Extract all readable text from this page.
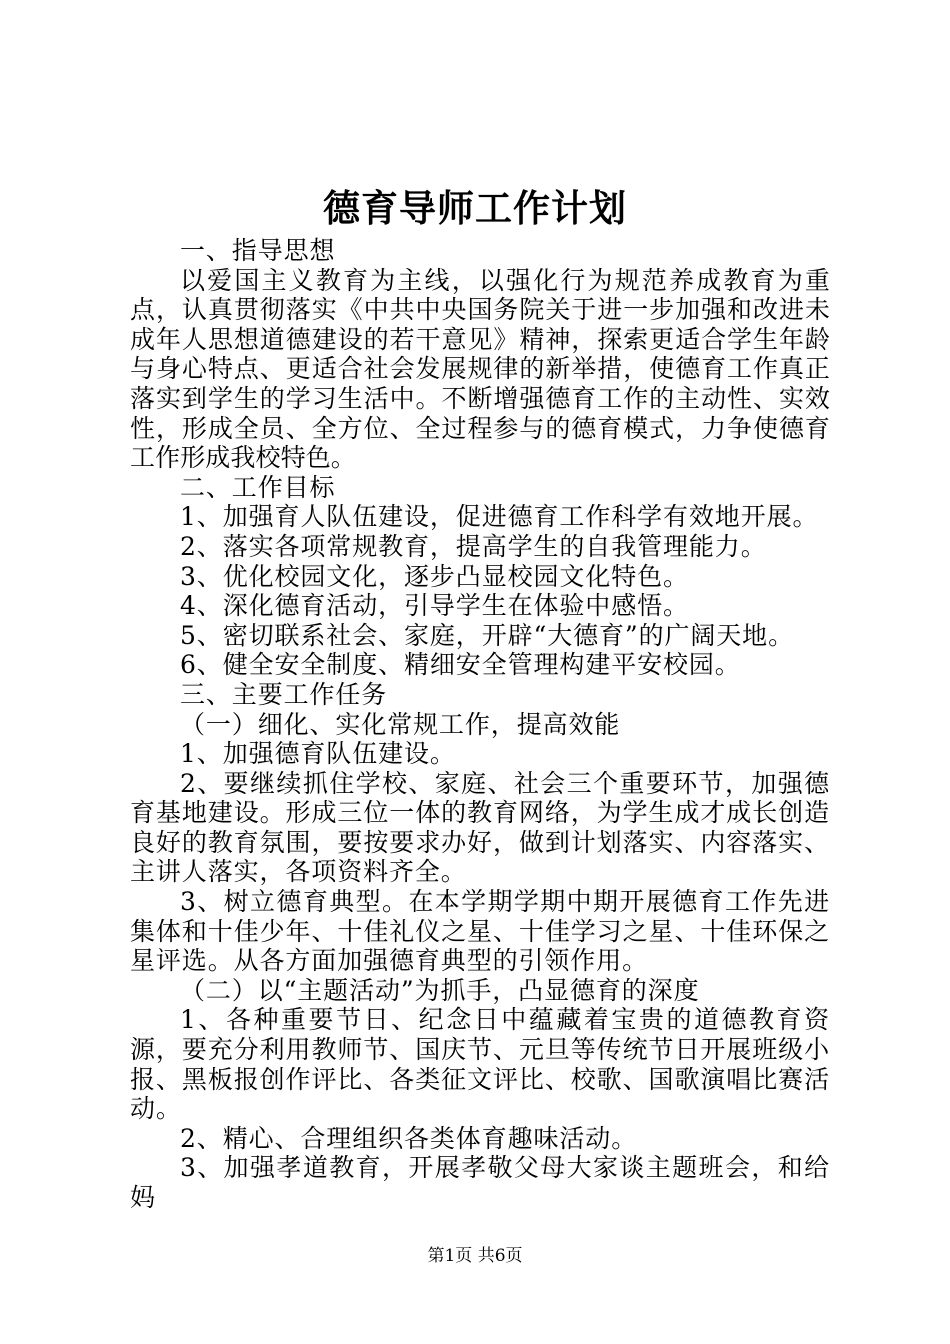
德育导师工作计划

一、指导思想

以爱国主义教育为主线，以强化行为规范养成教育为重点，认真贯彻落实《中共中央国务院关于进一步加强和改进未成年人思想道德建设的若干意见》精神，探索更适合学生年龄与身心特点、更适合社会发展规律的新举措，使德育工作真正落实到学生的学习生活中。不断增强德育工作的主动性、实效性，形成全员、全方位、全过程参与的德育模式，力争使德育工作形成我校特色。

二、工作目标

1、加强育人队伍建设，促进德育工作科学有效地开展。

2、落实各项常规教育，提高学生的自我管理能力。

3、优化校园文化，逐步凸显校园文化特色。

4、深化德育活动，引导学生在体验中感悟。

5、密切联系社会、家庭，开辟“大德育”的广阔天地。

6、健全安全制度、精细安全管理构建平安校园。

三、主要工作任务

（一）细化、实化常规工作，提高效能

1、加强德育队伍建设。

2、要继续抓住学校、家庭、社会三个重要环节，加强德育基地建设。形成三位一体的教育网络，为学生成才成长创造良好的教育氛围，要按要求办好，做到计划落实、内容落实、主讲人落实，各项资料齐全。

3、树立德育典型。在本学期学期中期开展德育工作先进集体和十佳少年、十佳礼仪之星、十佳学习之星、十佳环保之星评选。从各方面加强德育典型的引领作用。

（二）以“主题活动”为抓手，凸显德育的深度

1、各种重要节日、纪念日中蕴藏着宝贵的道德教育资源，要充分利用教师节、国庆节、元旦等传统节日开展班级小报、黑板报创作评比、各类征文评比、校歌、国歌演唱比赛活动。

2、精心、合理组织各类体育趣味活动。

3、加强孝道教育，开展孝敬父母大家谈主题班会，和给妈

第1页 共6页
